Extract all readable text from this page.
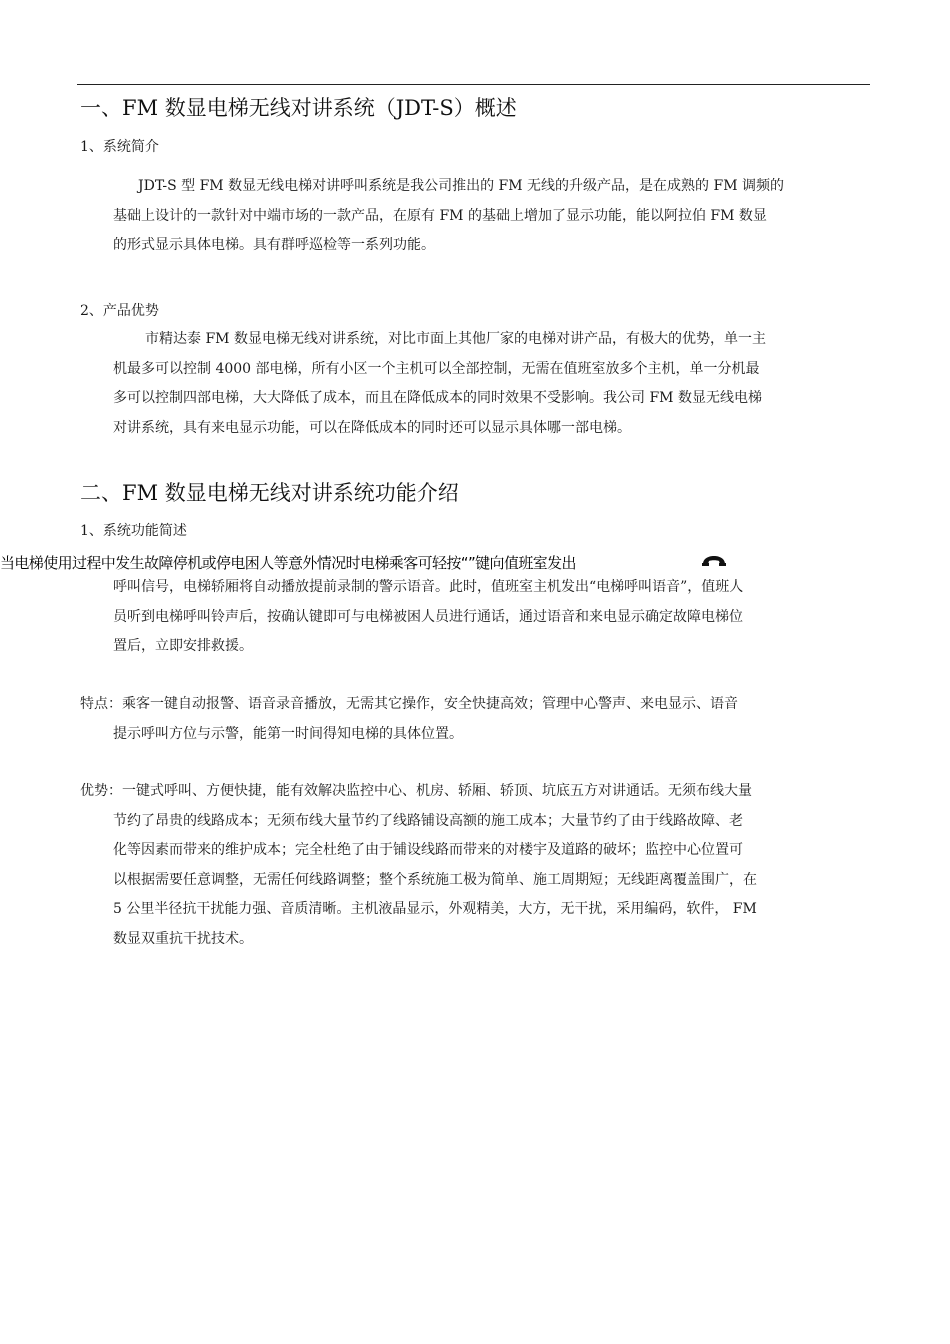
一、FM 数显电梯无线对讲系统（JDT-S）概述
1、系统简介
JDT-S 型 FM 数显无线电梯对讲呼叫系统是我公司推出的 FM 无线的升级产品，是在成熟的 FM 调频的
基础上设计的一款针对中端市场的一款产品，在原有 FM 的基础上增加了显示功能，能以阿拉伯 FM 数显
的形式显示具体电梯。具有群呼巡检等一系列功能。
2、产品优势
市精达泰 FM 数显电梯无线对讲系统，对比市面上其他厂家的电梯对讲产品，有极大的优势，单一主
机最多可以控制 4000 部电梯，所有小区一个主机可以全部控制，无需在值班室放多个主机，单一分机最
多可以控制四部电梯，大大降低了成本，而且在降低成本的同时效果不受影响。我公司 FM 数显无线电梯
对讲系统，具有来电显示功能，可以在降低成本的同时还可以显示具体哪一部电梯。
二、FM 数显电梯无线对讲系统功能介绍
1、系统功能简述
当电梯使用过程中发生故障停机或停电困人等意外情况时电梯乘客可轻按“”键向值班室发出
呼叫信号，电梯轿厢将自动播放提前录制的警示语音。此时，值班室主机发出“电梯呼叫语音”，值班人
员听到电梯呼叫铃声后，按确认键即可与电梯被困人员进行通话，通过语音和来电显示确定故障电梯位
置后，立即安排救援。
特点：乘客一键自动报警、语音录音播放，无需其它操作，安全快捷高效；管理中心警声、来电显示、语音
提示呼叫方位与示警，能第一时间得知电梯的具体位置。
优势：一键式呼叫、方便快捷，能有效解决监控中心、机房、轿厢、轿顶、坑底五方对讲通话。无须布线大量
节约了昂贵的线路成本；无须布线大量节约了线路铺设高额的施工成本；大量节约了由于线路故障、老
化等因素而带来的维护成本；完全杜绝了由于铺设线路而带来的对楼宇及道路的破坏；监控中心位置可
以根据需要任意调整，无需任何线路调整；整个系统施工极为简单、施工周期短；无线距离覆盖围广，在
5 公里半径抗干扰能力强、音质清晰。主机液晶显示，外观精美，大方，无干扰，采用编码，软件， FM
数显双重抗干扰技术。
